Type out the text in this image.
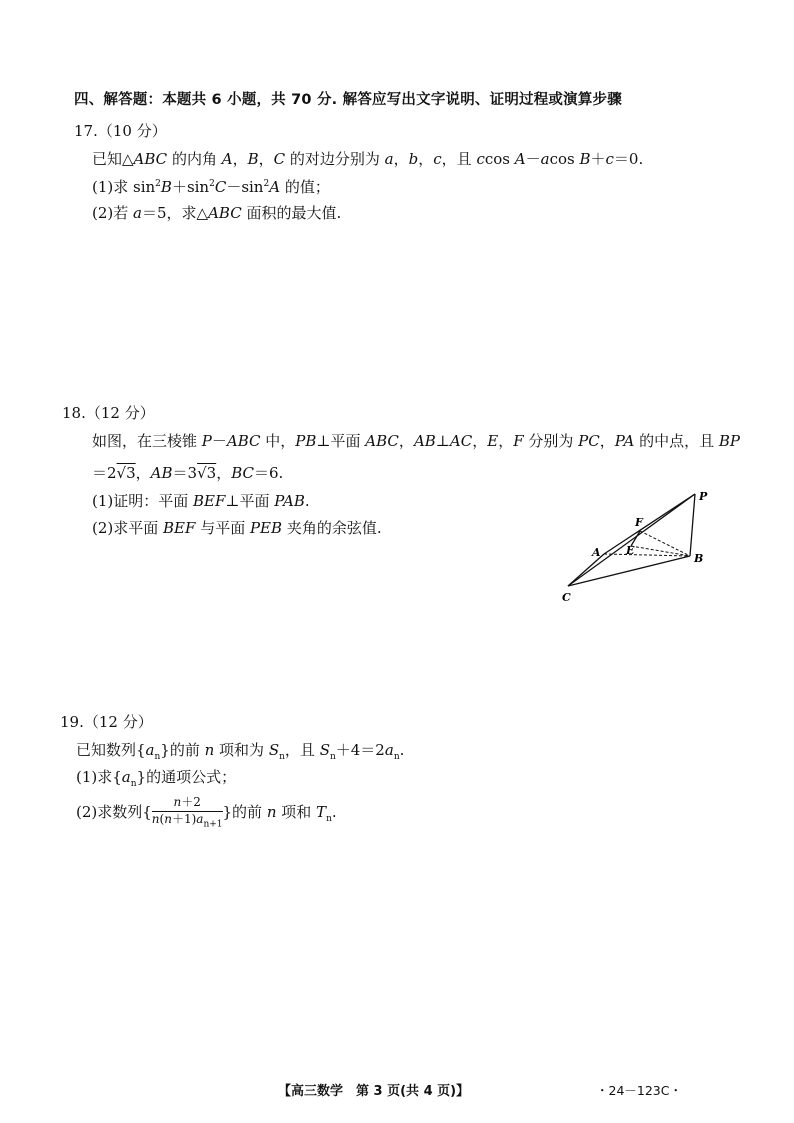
四、解答题：本题共 6 小题，共 70 分. 解答应写出文字说明、证明过程或演算步骤
17.（10 分）
已知△ABC 的内角 A，B，C 的对边分别为 a，b，c，且 ccos A－acos B＋c＝0.
(1)求 $\sin^2B+\sin^2C-\sin^2A$ 的值；
(2)若 a＝5，求△ABC 面积的最大值.
18.（12 分）
如图，在三棱锥 P－ABC 中，PB⊥平面 ABC，AB⊥AC，E，F 分别为 PC，PA 的中点，且 BP
＝2√3，AB＝3√3，BC＝6.
(1)证明：平面 BEF⊥平面 PAB.
(2)求平面 BEF 与平面 PEB 夹角的余弦值.
P
F
A E
B
C
19.（12 分）
已知数列$\{a_n\}$的前 n 项和为 $S_n$，且 $S_n+4=2a_n$.
(1)求$\{a_n\}$的通项公式；
(2)求数列{ $\frac{n+2}{n(n+1)a_{n+1}}$ }的前 n 项和 $T_n$.
【高三数学　第 3 页(共 4 页)】	・24－123C・
